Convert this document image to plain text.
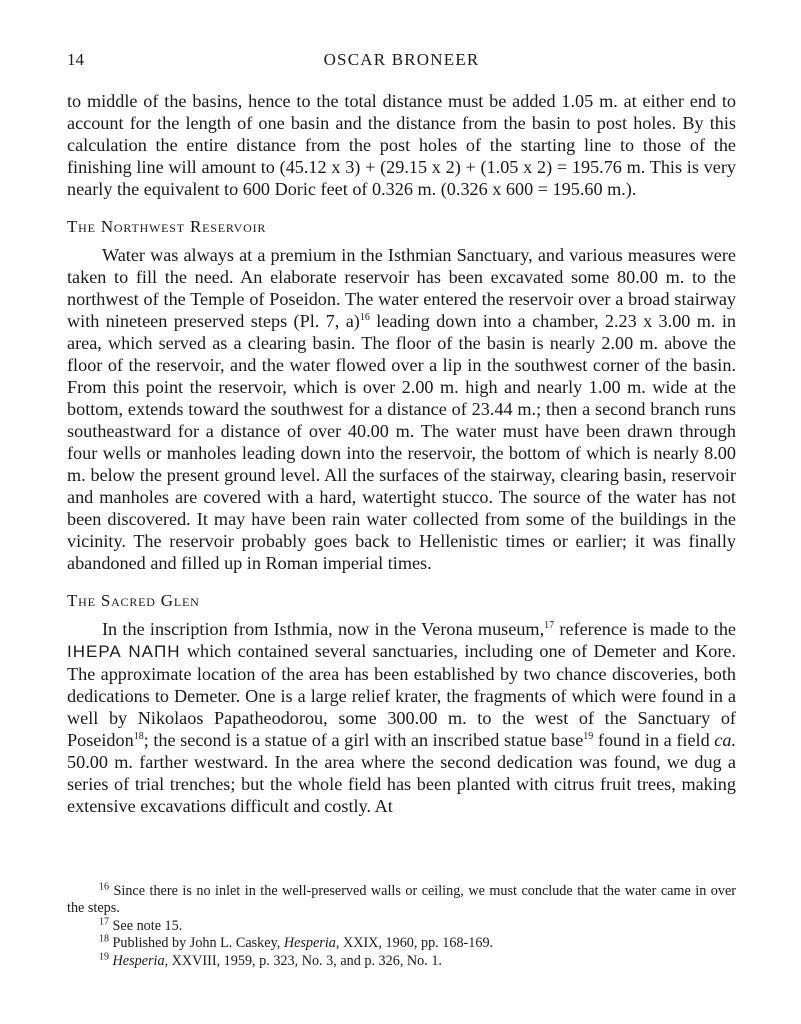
14	OSCAR BRONEER

to middle of the basins, hence to the total distance must be added 1.05 m. at either end to account for the length of one basin and the distance from the basin to post holes. By this calculation the entire distance from the post holes of the starting line to those of the finishing line will amount to (45.12 x 3) + (29.15 x 2) + (1.05 x 2) = 195.76 m. This is very nearly the equivalent to 600 Doric feet of 0.326 m. (0.326 x 600 = 195.60 m.).

The Northwest Reservoir

Water was always at a premium in the Isthmian Sanctuary, and various measures were taken to fill the need. An elaborate reservoir has been excavated some 80.00 m. to the northwest of the Temple of Poseidon. The water entered the reservoir over a broad stairway with nineteen preserved steps (Pl. 7, a)$^{16}$ leading down into a chamber, 2.23 x 3.00 m. in area, which served as a clearing basin. The floor of the basin is nearly 2.00 m. above the floor of the reservoir, and the water flowed over a lip in the southwest corner of the basin. From this point the reservoir, which is over 2.00 m. high and nearly 1.00 m. wide at the bottom, extends toward the southwest for a distance of 23.44 m.; then a second branch runs southeastward for a distance of over 40.00 m. The water must have been drawn through four wells or manholes leading down into the reservoir, the bottom of which is nearly 8.00 m. below the present ground level. All the surfaces of the stairway, clearing basin, reservoir and manholes are covered with a hard, watertight stucco. The source of the water has not been discovered. It may have been rain water collected from some of the buildings in the vicinity. The reservoir probably goes back to Hellenistic times or earlier; it was finally abandoned and filled up in Roman imperial times.

The Sacred Glen

In the inscription from Isthmia, now in the Verona museum,$^{17}$ reference is made to the ΙΗΕΡΑ ΝΑΠΗ which contained several sanctuaries, including one of Demeter and Kore. The approximate location of the area has been established by two chance discoveries, both dedications to Demeter. One is a large relief krater, the fragments of which were found in a well by Nikolaos Papatheodorou, some 300.00 m. to the west of the Sanctuary of Poseidon$^{18}$; the second is a statue of a girl with an inscribed statue base$^{19}$ found in a field ca. 50.00 m. farther westward. In the area where the second dedication was found, we dug a series of trial trenches; but the whole field has been planted with citrus fruit trees, making extensive excavations difficult and costly. At

$^{16}$ Since there is no inlet in the well-preserved walls or ceiling, we must conclude that the water came in over the steps.

$^{17}$ See note 15.

$^{18}$ Published by John L. Caskey, Hesperia, XXIX, 1960, pp. 168-169.

$^{19}$ Hesperia, XXVIII, 1959, p. 323, No. 3, and p. 326, No. 1.
